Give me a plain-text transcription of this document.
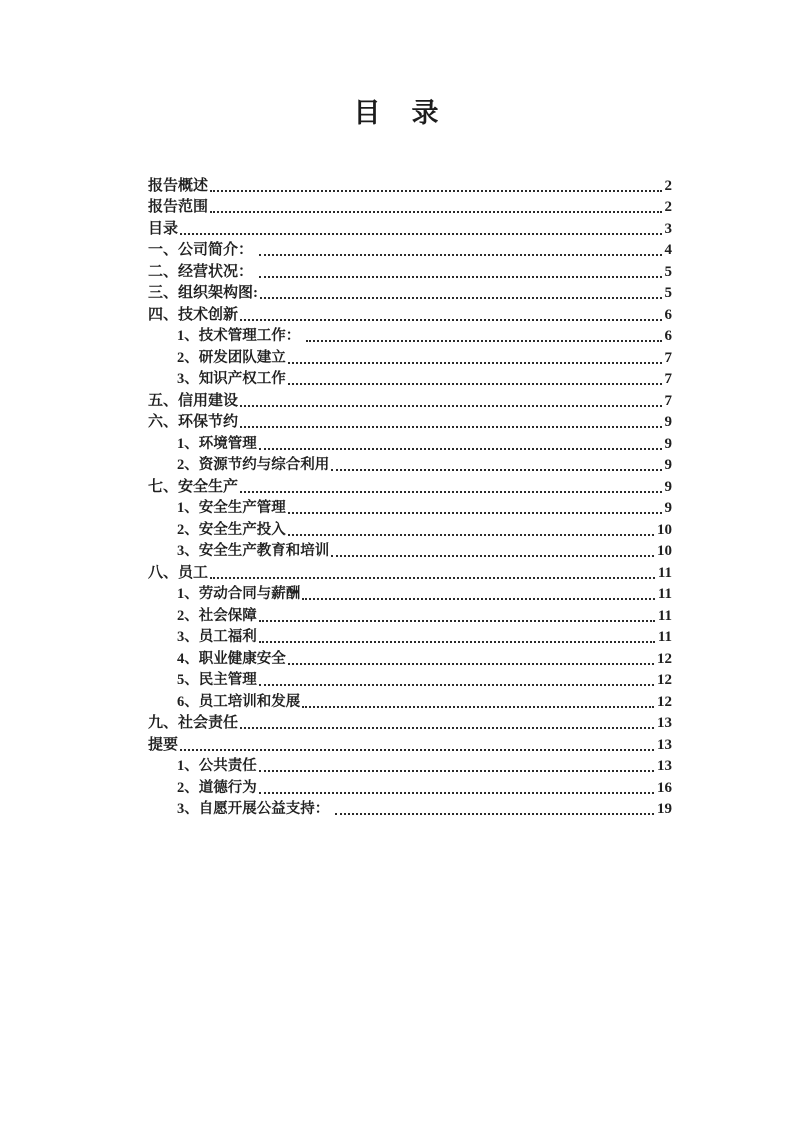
目　录
报告概述	2
报告范围	2
目录	3
一、公司简介：	4
二、经营状况：	5
三、组织架构图:	5
四、技术创新	6
1、技术管理工作：	6
2、研发团队建立	7
3、知识产权工作	7
五、信用建设	7
六、环保节约	9
1、环境管理	9
2、资源节约与综合利用	9
七、安全生产	9
1、安全生产管理	9
2、安全生产投入	10
3、安全生产教育和培训	10
八、员工	11
1、劳动合同与薪酬	11
2、社会保障	11
3、员工福利	11
4、职业健康安全	12
5、民主管理	12
6、员工培训和发展	12
九、社会责任	13
提要	13
1、公共责任	13
2、道德行为	16
3、自愿开展公益支持：	19
